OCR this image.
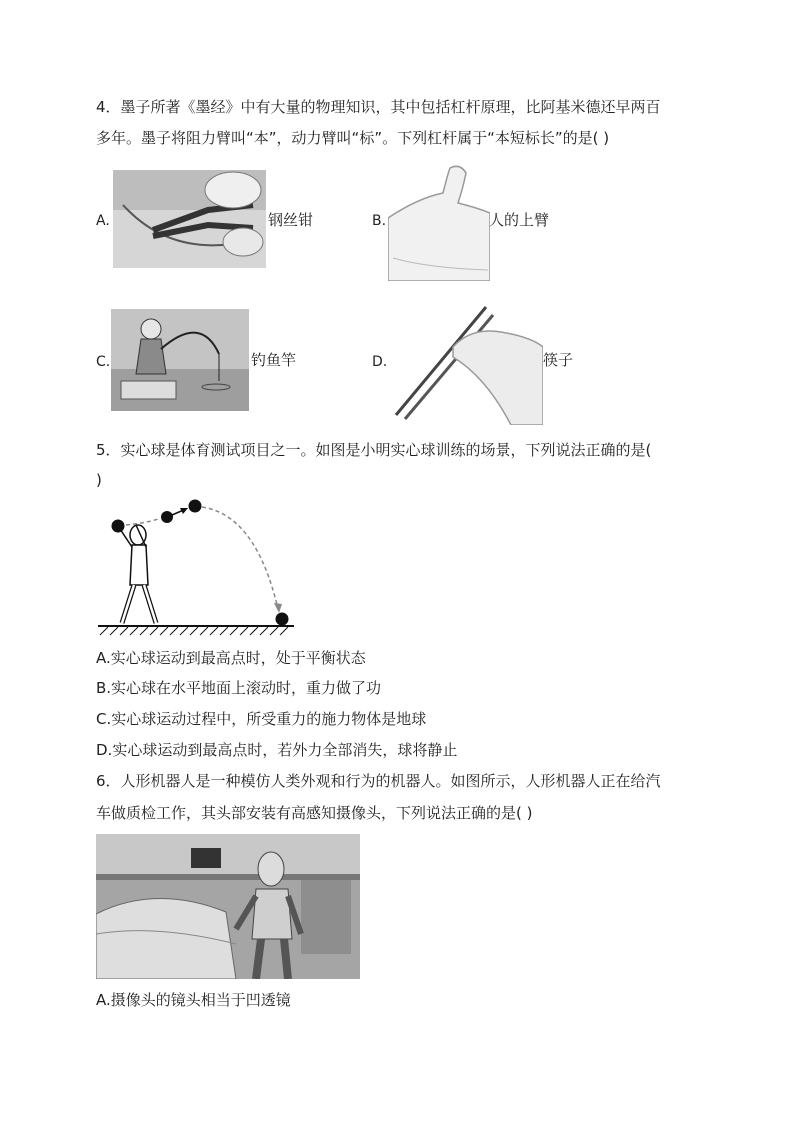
4．墨子所著《墨经》中有大量的物理知识，其中包括杠杆原理，比阿基米德还早两百
多年。墨子将阻力臂叫“本”，动力臂叫“标”。下列杠杆属于“本短标长”的是( )
A.	钢丝钳	B.	人的上臂
C.	钓鱼竿	D.	筷子
5．实心球是体育测试项目之一。如图是小明实心球训练的场景，下列说法正确的是(
)
A.实心球运动到最高点时，处于平衡状态
B.实心球在水平地面上滚动时，重力做了功
C.实心球运动过程中，所受重力的施力物体是地球
D.实心球运动到最高点时，若外力全部消失，球将静止
6．人形机器人是一种模仿人类外观和行为的机器人。如图所示，人形机器人正在给汽
车做质检工作，其头部安装有高感知摄像头，下列说法正确的是( )
A.摄像头的镜头相当于凹透镜
